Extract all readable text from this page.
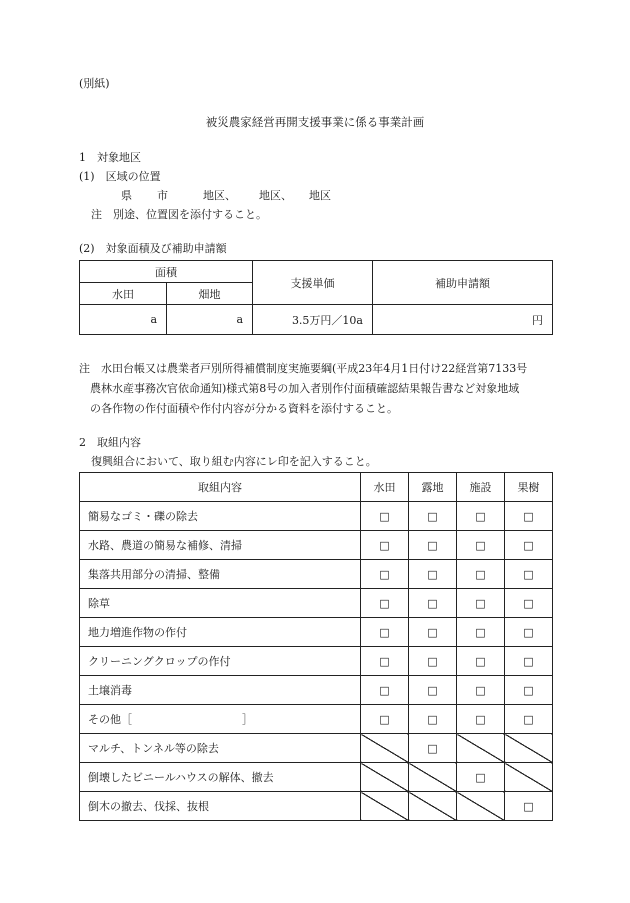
(別紙)
被災農家経営再開支援事業に係る事業計画
1　対象地区
(1)　区域の位置
県 市	地区、 地区、 地区
注　別途、位置図を添付すること。
(2)　対象面積及び補助申請額
面積		支援単価	補助申請額
水田	畑地		
a	a	3.5万円／10a	円
注　水田台帳又は農業者戸別所得補償制度実施要綱(平成23年4月1日付け22経営第7133号
　農林水産事務次官依命通知)様式第8号の加入者別作付面積確認結果報告書など対象地域
　の各作物の作付面積や作付内容が分かる資料を添付すること。
2　取組内容
復興組合において、取り組む内容にレ印を記入すること。
取組内容	水田	露地	施設	果樹
簡易なゴミ・礫の除去	□	□	□	□
水路、農道の簡易な補修、清掃	□	□	□	□
集落共用部分の清掃、整備	□	□	□	□
除草	□	□	□	□
地力増進作物の作付	□	□	□	□
クリーニングクロップの作付	□	□	□	□
土壌消毒	□	□	□	□
その他［　　　　　　　　　　］	□	□	□	□
マルチ、トンネル等の除去		□		
倒壊したビニールハウスの解体、撤去			□	
倒木の撤去、伐採、抜根				□
